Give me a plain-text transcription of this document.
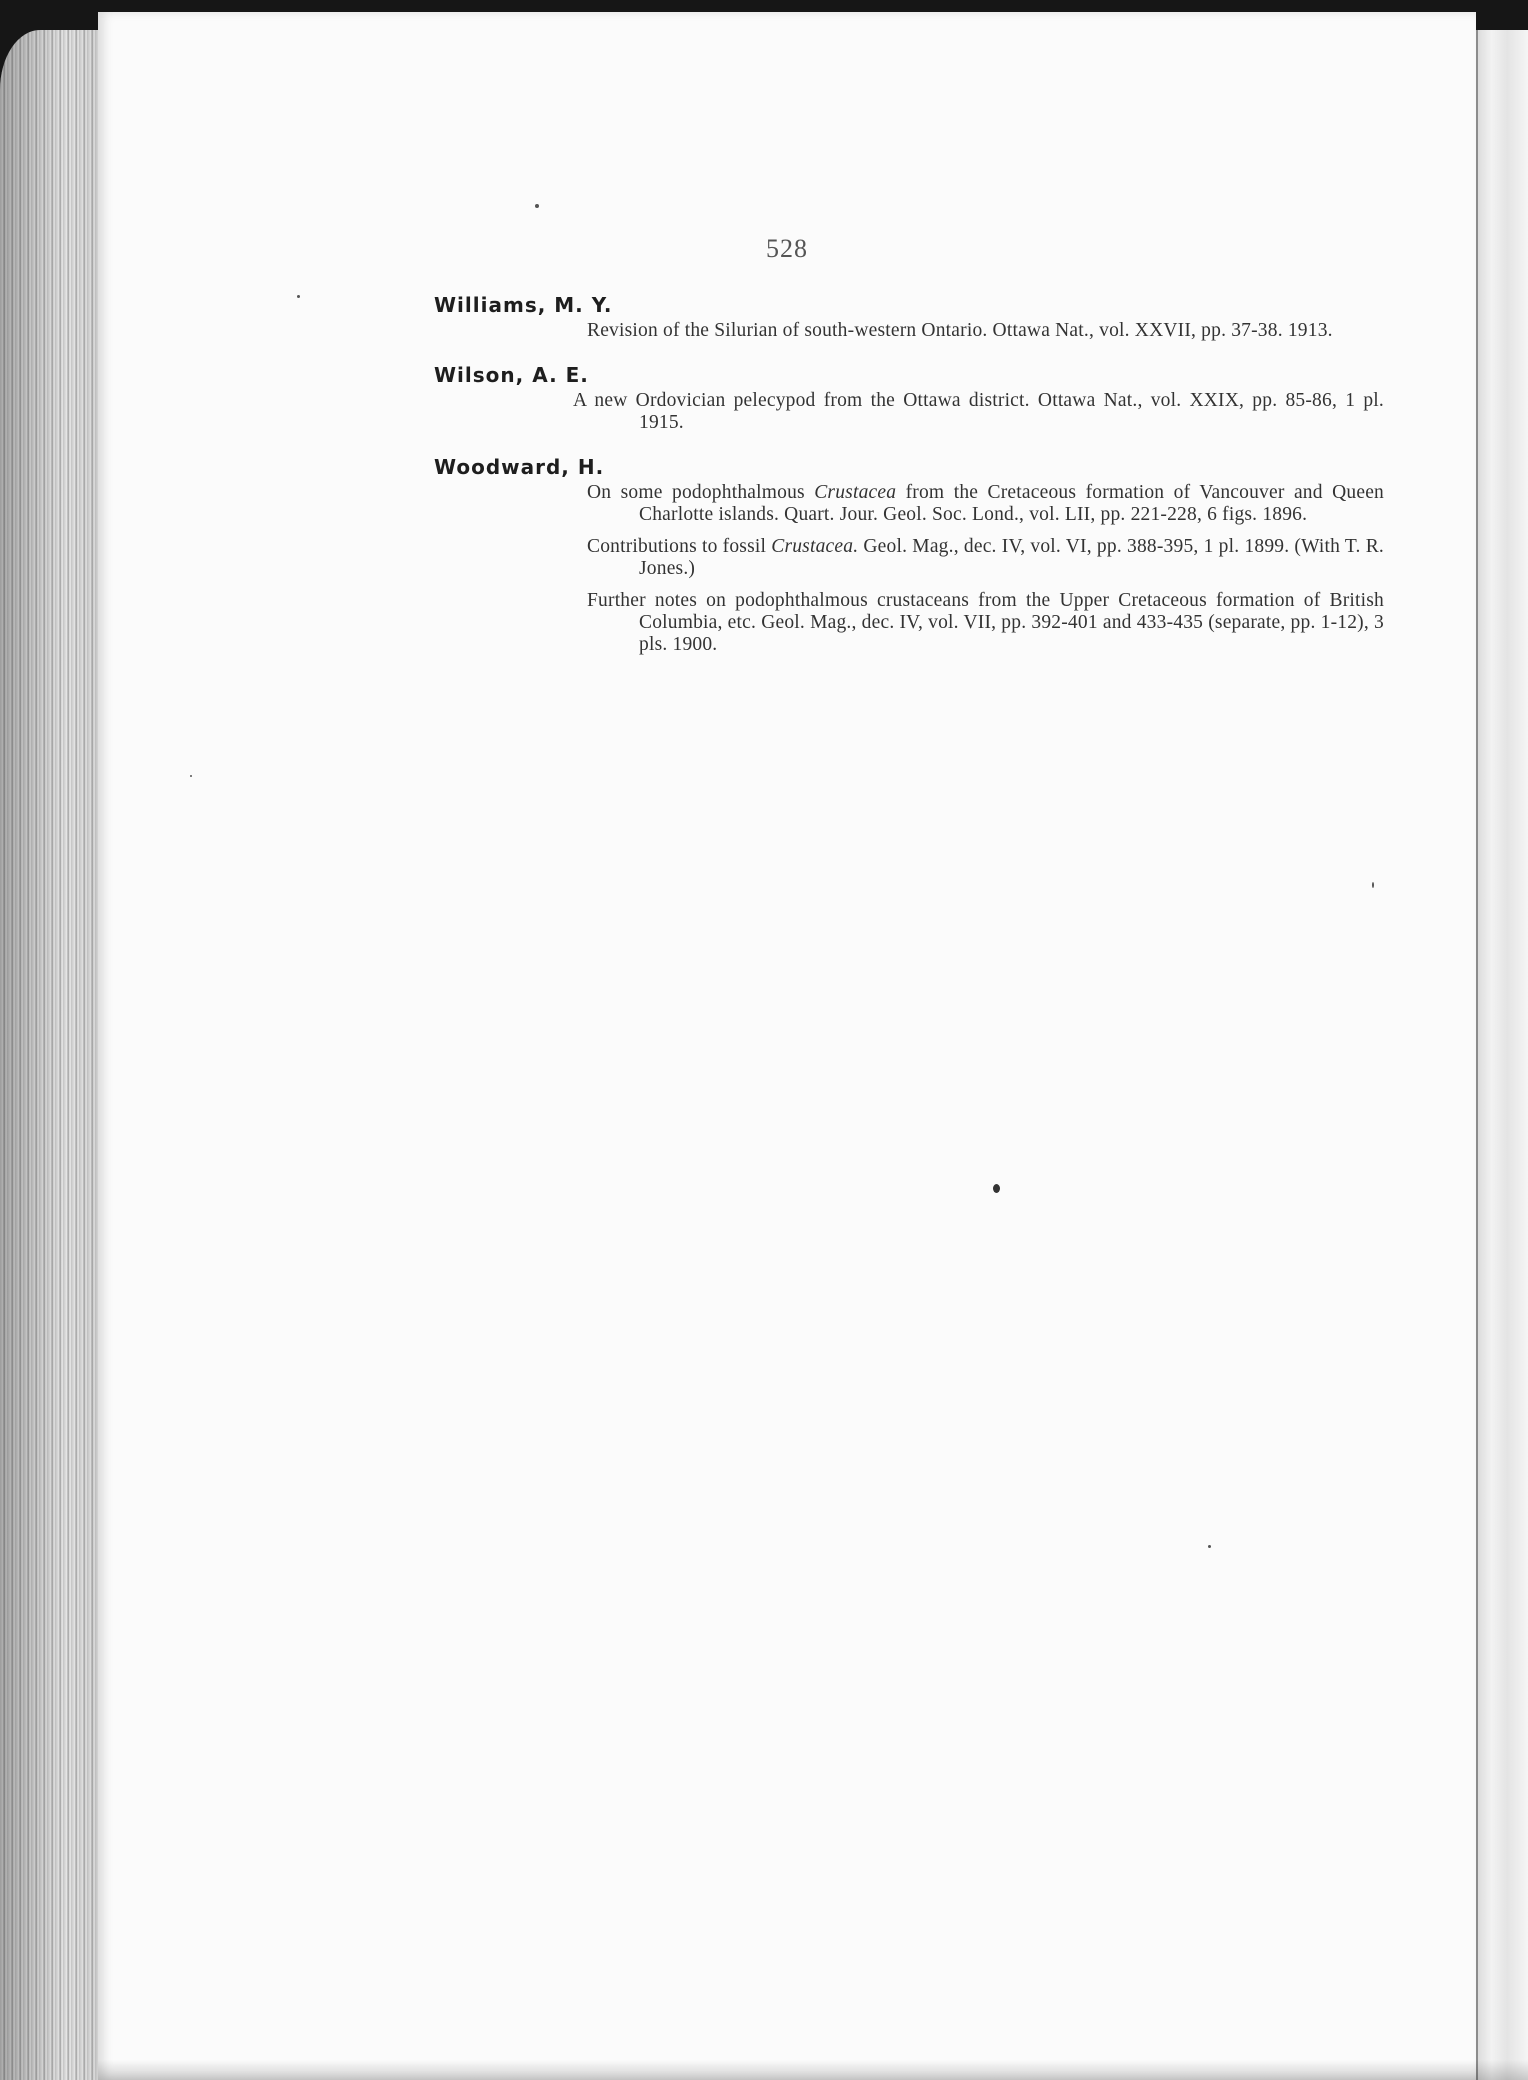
528

Williams, M. Y.

Revision of the Silurian of south-western Ontario. Ottawa Nat., vol. XXVII, pp. 37-38. 1913.

Wilson, A. E.

A new Ordovician pelecypod from the Ottawa district. Ottawa Nat., vol. XXIX, pp. 85-86, 1 pl. 1915.

Woodward, H.

On some podophthalmous Crustacea from the Cretaceous formation of Vancouver and Queen Charlotte islands. Quart. Jour. Geol. Soc. Lond., vol. LII, pp. 221-228, 6 figs. 1896.

Contributions to fossil Crustacea. Geol. Mag., dec. IV, vol. VI, pp. 388-395, 1 pl. 1899. (With T. R. Jones.)

Further notes on podophthalmous crustaceans from the Upper Cretaceous formation of British Columbia, etc. Geol. Mag., dec. IV, vol. VII, pp. 392-401 and 433-435 (separate, pp. 1-12), 3 pls. 1900.
